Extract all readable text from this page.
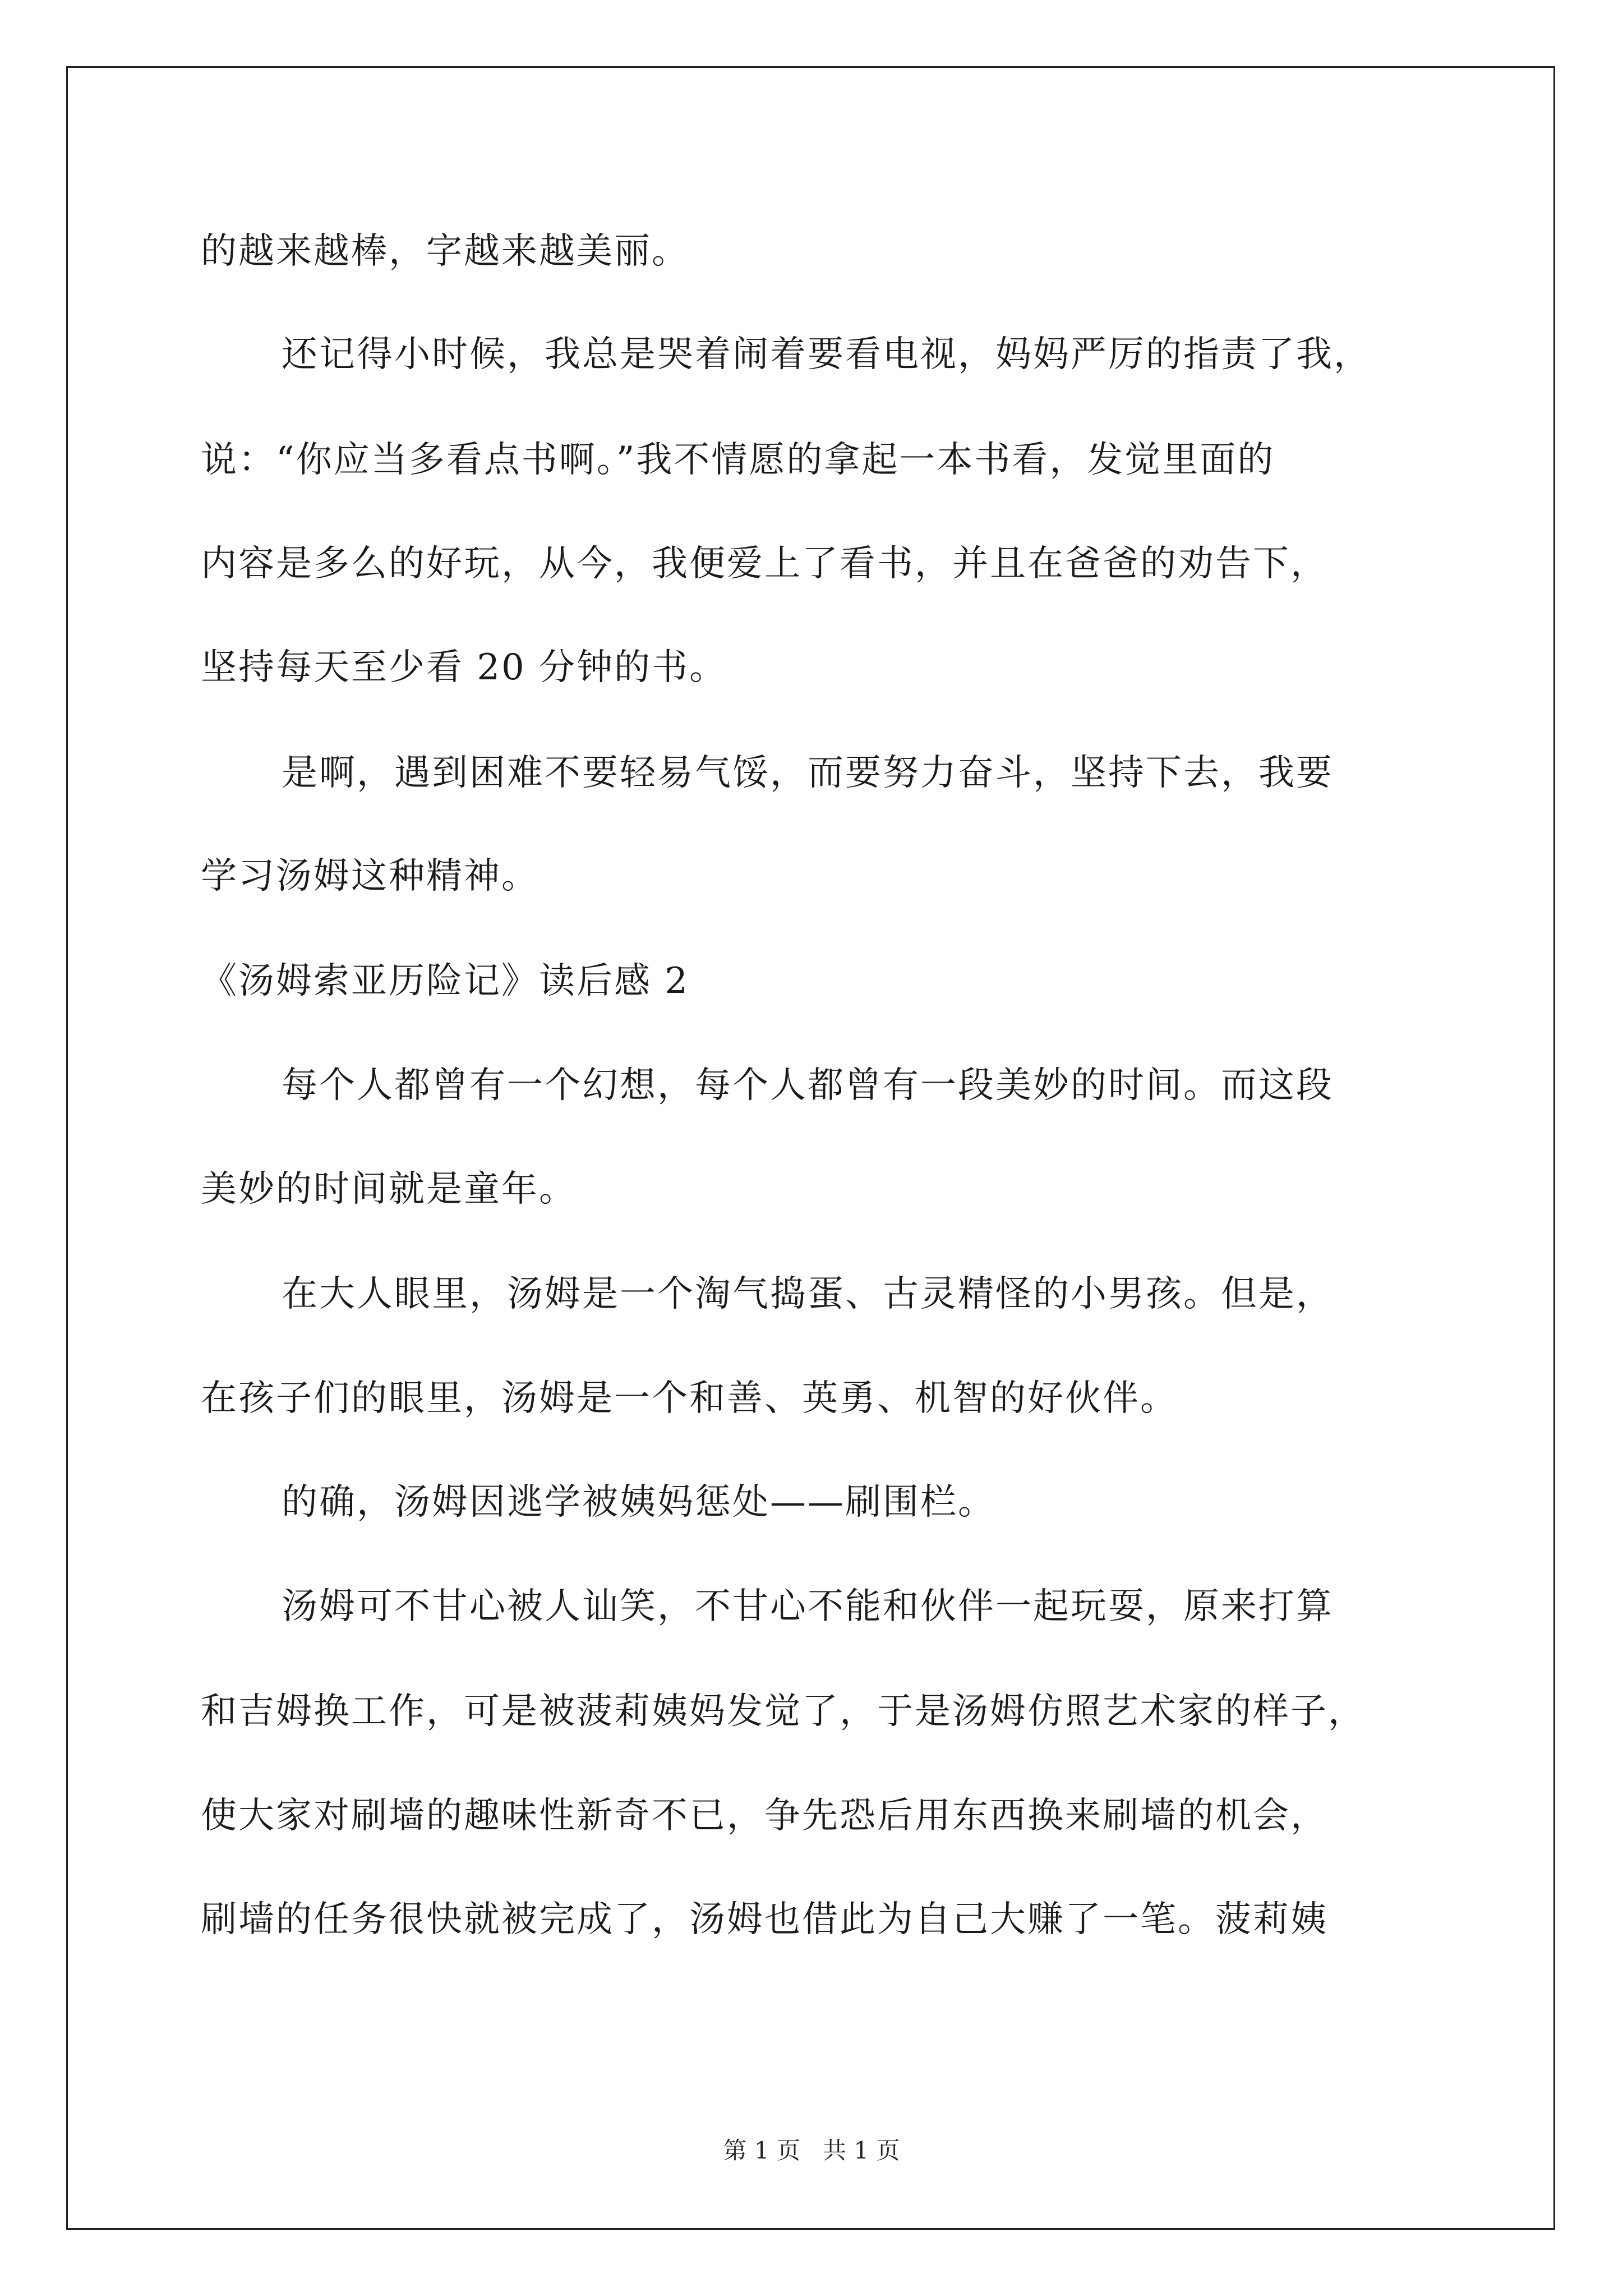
的越来越棒，字越来越美丽。
还记得小时候，我总是哭着闹着要看电视，妈妈严厉的指责了我，
说：“你应当多看点书啊。”我不情愿的拿起一本书看，发觉里面的
内容是多么的好玩，从今，我便爱上了看书，并且在爸爸的劝告下，
坚持每天至少看 20 分钟的书。
是啊，遇到困难不要轻易气馁，而要努力奋斗，坚持下去，我要
学习汤姆这种精神。
《汤姆索亚历险记》读后感 2
每个人都曾有一个幻想，每个人都曾有一段美妙的时间。而这段
美妙的时间就是童年。
在大人眼里，汤姆是一个淘气捣蛋、古灵精怪的小男孩。但是，
在孩子们的眼里，汤姆是一个和善、英勇、机智的好伙伴。
的确，汤姆因逃学被姨妈惩处——刷围栏。
汤姆可不甘心被人讪笑，不甘心不能和伙伴一起玩耍，原来打算
和吉姆换工作，可是被菠莉姨妈发觉了，于是汤姆仿照艺术家的样子，
使大家对刷墙的趣味性新奇不已，争先恐后用东西换来刷墙的机会，
刷墙的任务很快就被完成了，汤姆也借此为自己大赚了一笔。菠莉姨
第 1 页   共 1 页
